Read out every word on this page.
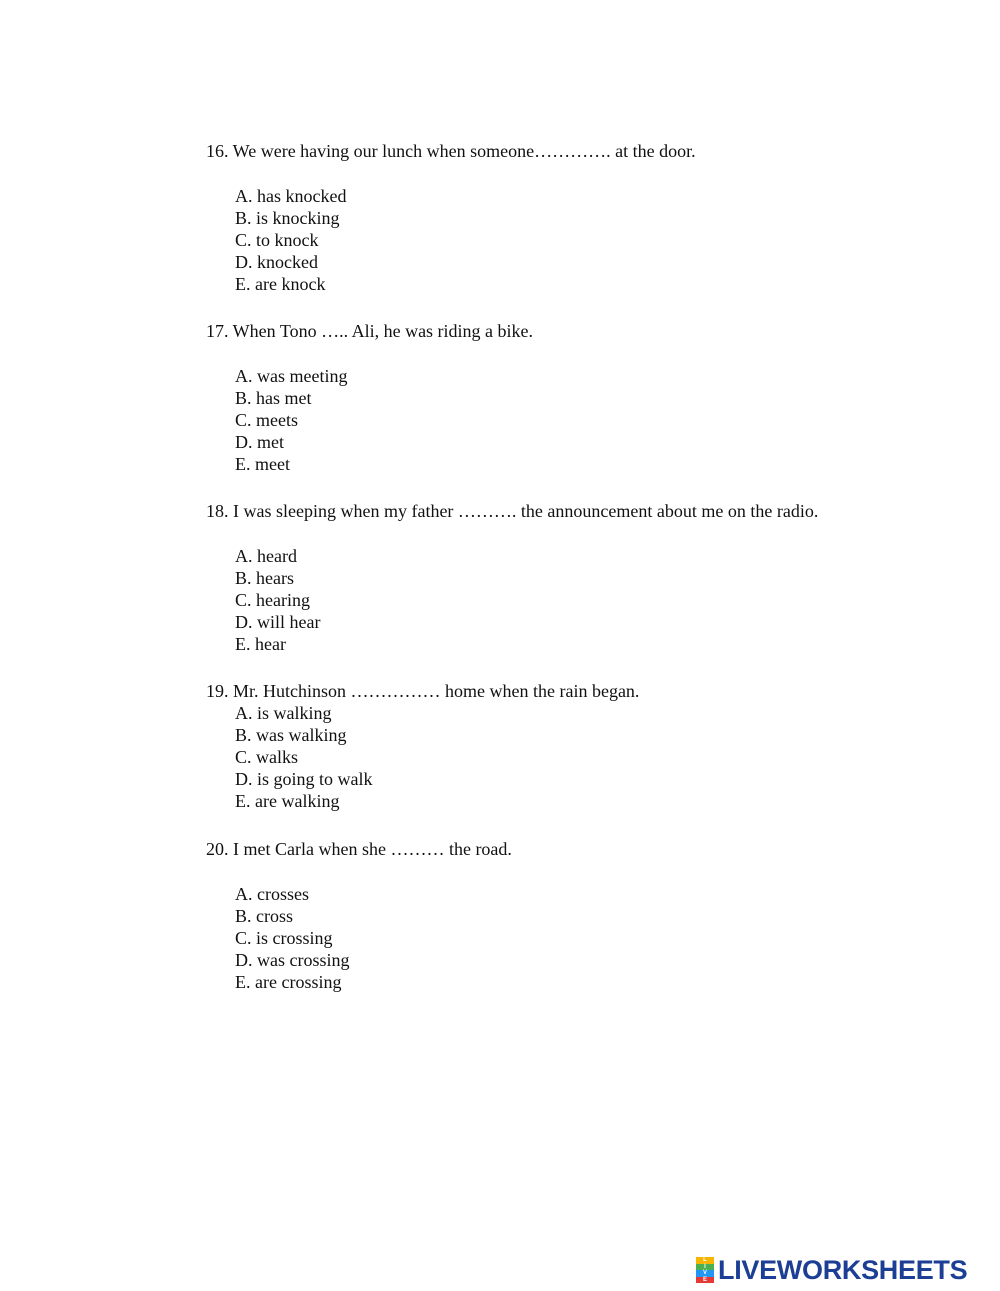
16. We were having our lunch when someone…………. at the door.

A. has knocked
B. is knocking
C. to knock
D. knocked
E. are knock

17. When Tono ….. Ali, he was riding a bike.

A. was meeting
B. has met
C. meets
D. met
E. meet

18. I was sleeping when my father ………. the announcement about me on the radio.

A. heard
B. hears
C. hearing
D. will hear
E. hear

19. Mr. Hutchinson …………… home when the rain began.

A. is walking
B. was walking
C. walks
D. is going to walk
E. are walking

20. I met Carla when she ……… the road.

A. crosses
B. cross
C. is crossing
D. was crossing
E. are crossing
L
I
V
E LIVEWORKSHEETS
